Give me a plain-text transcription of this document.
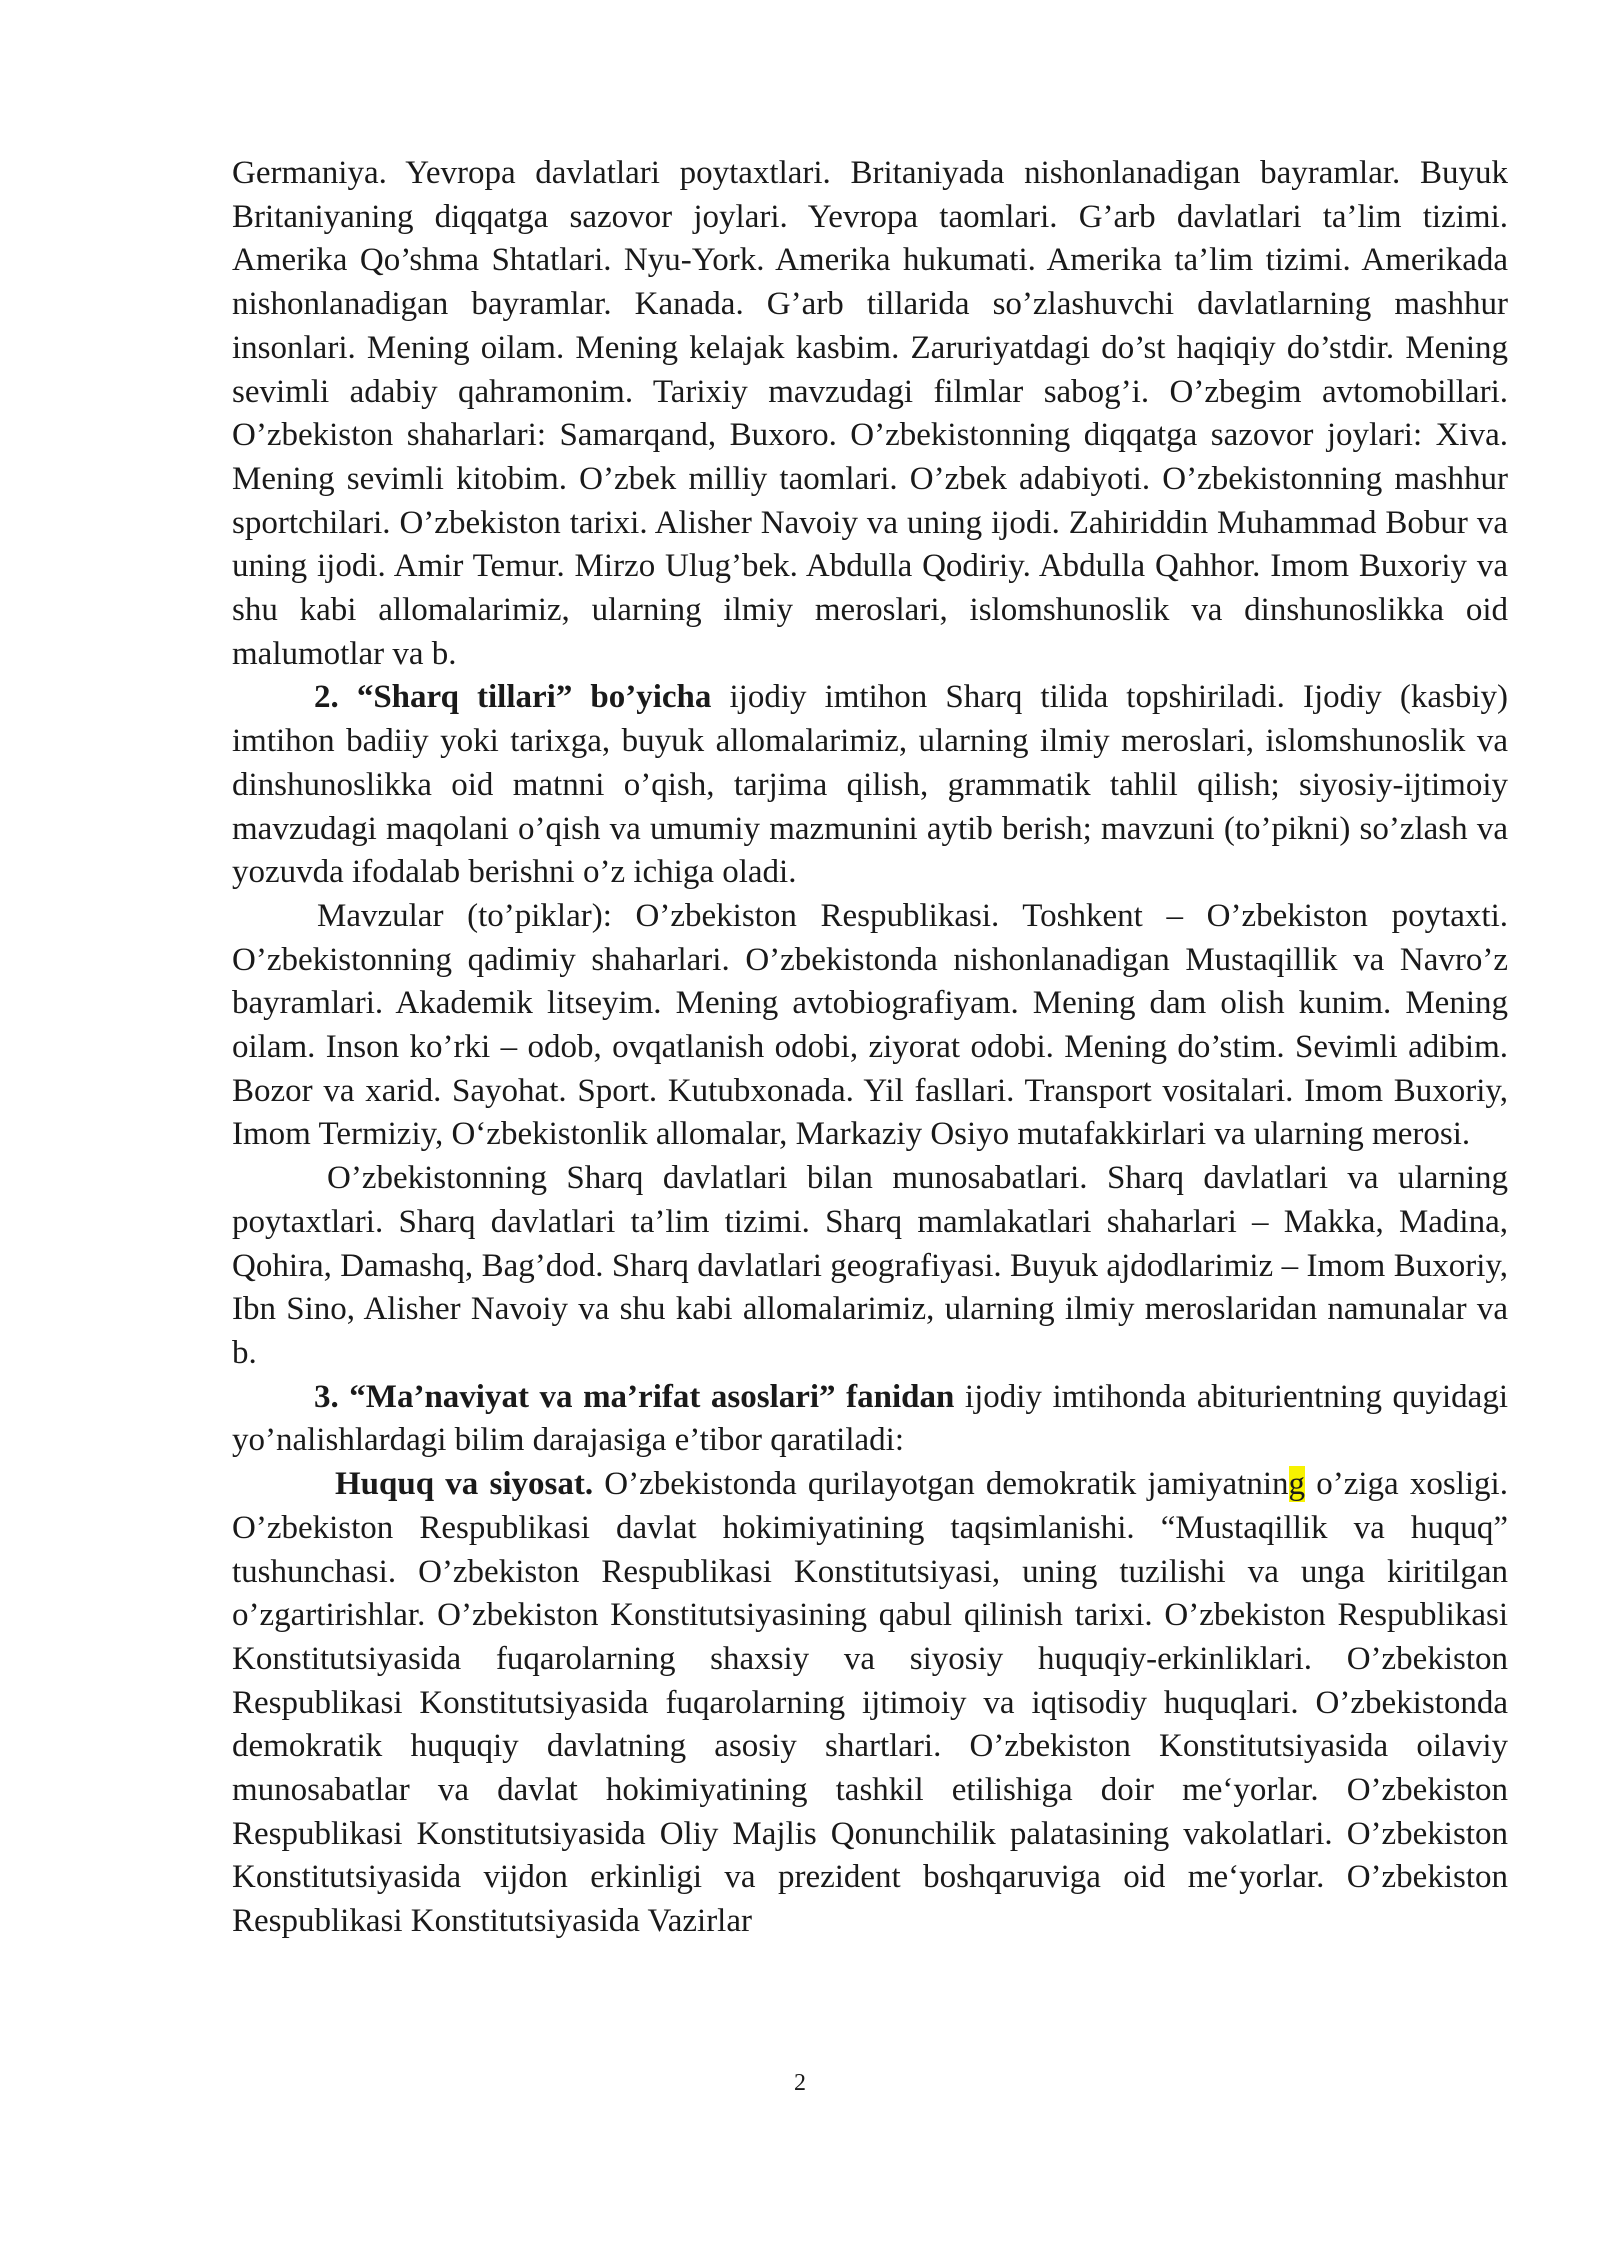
Germaniya. Yevropa davlatlari poytaxtlari. Britaniyada nishonlanadigan bayramlar. Buyuk Britaniyaning diqqatga sazovor joylari. Yevropa taomlari. G’arb davlatlari ta’lim tizimi. Amerika Qo’shma Shtatlari. Nyu-York. Amerika hukumati. Amerika ta’lim tizimi. Amerikada nishonlanadigan bayramlar. Kanada. G’arb tillarida so’zlashuvchi davlatlarning mashhur insonlari. Mening oilam. Mening kelajak kasbim. Zaruriyatdagi do’st haqiqiy do’stdir. Mening sevimli adabiy qahramonim. Tarixiy mavzudagi filmlar sabog’i. O’zbegim avtomobillari. O’zbekiston shaharlari: Samarqand, Buxoro. O’zbekistonning diqqatga sazovor joylari: Xiva. Mening sevimli kitobim. O’zbek milliy taomlari. O’zbek adabiyoti. O’zbekistonning mashhur sportchilari. O’zbekiston tarixi. Alisher Navoiy va uning ijodi. Zahiriddin Muhammad Bobur va uning ijodi. Amir Temur. Mirzo Ulug’bek. Abdulla Qodiriy. Abdulla Qahhor. Imom Buxoriy va shu kabi allomalarimiz, ularning ilmiy meroslari, islomshunoslik va dinshunoslikka oid malumotlar va b.

2. “Sharq tillari” bo’yicha ijodiy imtihon Sharq tilida topshiriladi. Ijodiy (kasbiy) imtihon badiiy yoki tarixga, buyuk allomalarimiz, ularning ilmiy meroslari, islomshunoslik va dinshunoslikka oid matnni o’qish, tarjima qilish, grammatik tahlil qilish; siyosiy-ijtimoiy mavzudagi maqolani o’qish va umumiy mazmunini aytib berish; mavzuni (to’pikni) so’zlash va yozuvda ifodalab berishni o’z ichiga oladi.

Mavzular (to’piklar): O’zbekiston Respublikasi. Toshkent – O’zbekiston poytaxti. O’zbekistonning qadimiy shaharlari. O’zbekistonda nishonlanadigan Mustaqillik va Navro’z bayramlari. Akademik litseyim. Mening avtobiografiyam. Mening dam olish kunim. Mening oilam. Inson ko’rki – odob, ovqatlanish odobi, ziyorat odobi. Mening do’stim. Sevimli adibim. Bozor va xarid. Sayohat. Sport. Kutubxonada. Yil fasllari. Transport vositalari. Imom Buxoriy, Imom Termiziy, O‘zbekistonlik allomalar, Markaziy Osiyo mutafakkirlari va ularning merosi.

O’zbekistonning Sharq davlatlari bilan munosabatlari. Sharq davlatlari va ularning poytaxtlari. Sharq davlatlari ta’lim tizimi. Sharq mamlakatlari shaharlari – Makka, Madina, Qohira, Damashq, Bag’dod. Sharq davlatlari geografiyasi. Buyuk ajdodlarimiz – Imom Buxoriy, Ibn Sino, Alisher Navoiy va shu kabi allomalarimiz, ularning ilmiy meroslaridan namunalar va b.

3. “Ma’naviyat va ma’rifat asoslari” fanidan ijodiy imtihonda abiturientning quyidagi yo’nalishlardagi bilim darajasiga e’tibor qaratiladi:

Huquq va siyosat. O’zbekistonda qurilayotgan demokratik jamiyatning o’ziga xosligi. O’zbekiston Respublikasi davlat hokimiyatining taqsimlanishi. “Mustaqillik va huquq” tushunchasi. O’zbekiston Respublikasi Konstitutsiyasi, uning tuzilishi va unga kiritilgan o’zgartirishlar. O’zbekiston Konstitutsiyasining qabul qilinish tarixi. O’zbekiston Respublikasi Konstitutsiyasida fuqarolarning shaxsiy va siyosiy huquqiy-erkinliklari. O’zbekiston Respublikasi Konstitutsiyasida fuqarolarning ijtimoiy va iqtisodiy huquqlari. O’zbekistonda demokratik huquqiy davlatning asosiy shartlari. O’zbekiston Konstitutsiyasida oilaviy munosabatlar va davlat hokimiyatining tashkil etilishiga doir me‘yorlar. O’zbekiston Respublikasi Konstitutsiyasida Oliy Majlis Qonunchilik palatasining vakolatlari. O’zbekiston Konstitutsiyasida vijdon erkinligi va prezident boshqaruviga oid me‘yorlar. O’zbekiston Respublikasi Konstitutsiyasida Vazirlar

2
